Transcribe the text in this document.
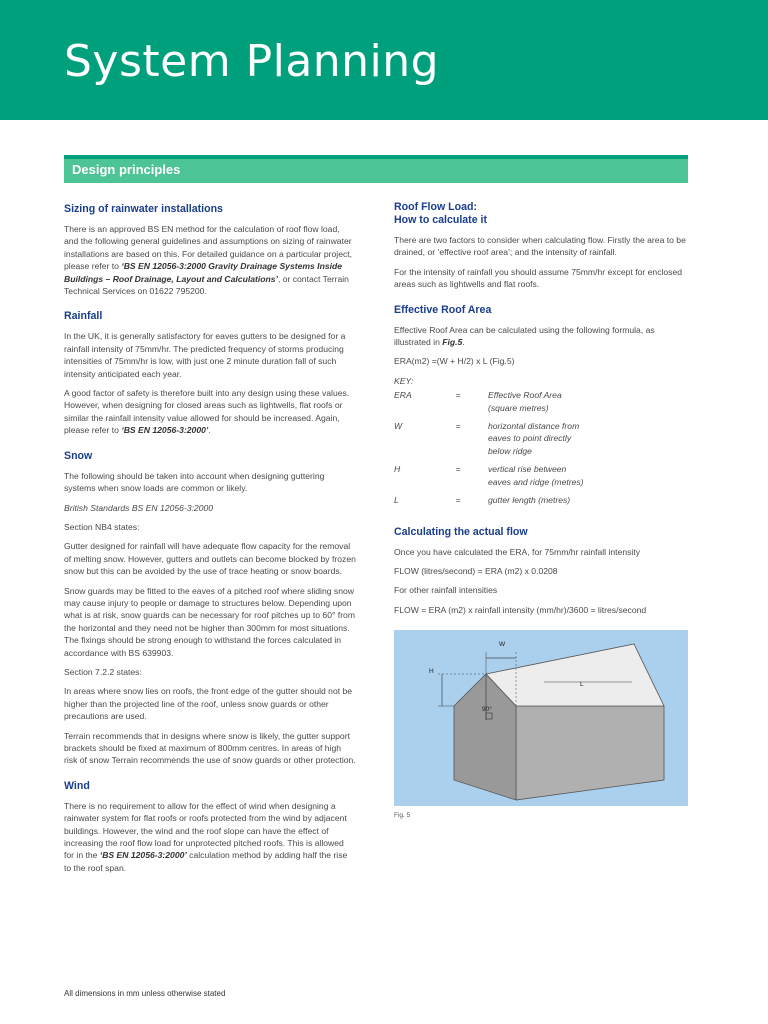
System Planning
Design principles
Sizing of rainwater installations

There is an approved BS EN method for the calculation of roof flow load, and the following general guidelines and assumptions on sizing of rainwater installations are based on this. For detailed guidance on a particular project, please refer to ‘BS EN 12056-3:2000 Gravity Drainage Systems Inside Buildings – Roof Drainage, Layout and Calculations’, or contact Terrain Technical Services on 01622 795200.

Rainfall

In the UK, it is generally satisfactory for eaves gutters to be designed for a rainfall intensity of 75mm/hr. The predicted frequency of storms producing intensities of 75mm/hr is low, with just one 2 minute duration fall of such intensity anticipated each year.

A good factor of safety is therefore built into any design using these values. However, when designing for closed areas such as lightwells, flat roofs or similar the rainfall intensity value allowed for should be increased. Again, please refer to ‘BS EN 12056-3:2000’.

Snow

The following should be taken into account when designing guttering systems when snow loads are common or likely.

British Standards BS EN 12056-3:2000

Section NB4 states:

Gutter designed for rainfall will have adequate flow capacity for the removal of melting snow. However, gutters and outlets can become blocked by frozen snow but this can be avoided by the use of trace heating or snow boards.

Snow guards may be fitted to the eaves of a pitched roof where sliding snow may cause injury to people or damage to structures below. Depending upon what is at risk, snow guards can be necessary for roof pitches up to 60° from the horizontal and they need not be higher than 300mm for most situations. The fixings should be strong enough to withstand the forces calculated in accordance with BS 639903.

Section 7.2.2 states:

In areas where snow lies on roofs, the front edge of the gutter should not be higher than the projected line of the roof, unless snow guards or other precautions are used.

Terrain recommends that in designs where snow is likely, the gutter support brackets should be fixed at maximum of 800mm centres. In areas of high risk of snow Terrain recommends the use of snow guards or other protection.

Wind

There is no requirement to allow for the effect of wind when designing a rainwater system for flat roofs or roofs protected from the wind by adjacent buildings. However, the wind and the roof slope can have the effect of increasing the roof flow load for unprotected pitched roofs. This is allowed for in the ‘BS EN 12056-3:2000’ calculation method by adding half the rise to the roof span.

Roof Flow Load:
How to calculate it

There are two factors to consider when calculating flow. Firstly the area to be drained, or ‘effective roof area’; and the intensity of rainfall.

For the intensity of rainfall you should assume 75mm/hr except for enclosed areas such as lightwells and flat roofs.

Effective Roof Area

Effective Roof Area can be calculated using the following formula, as illustrated in Fig.5.

ERA(m2) =(W + H/2) x L (Fig.5)

KEY:
ERA	=	Effective Roof Area
(square metres)
W	=	horizontal distance from
eaves to point directly
below ridge
H	=	vertical rise between
eaves and ridge (metres)
L	=	gutter length (metres)
Calculating the actual flow

Once you have calculated the ERA, for 75mm/hr rainfall intensity

FLOW (litres/second) = ERA (m2) x 0.0208

For other rainfall intensities

FLOW = ERA (m2) x rainfall intensity (mm/hr)/3600 = litres/second

H
W
L
90°
Fig. 5
All dimensions in mm unless otherwise stated
